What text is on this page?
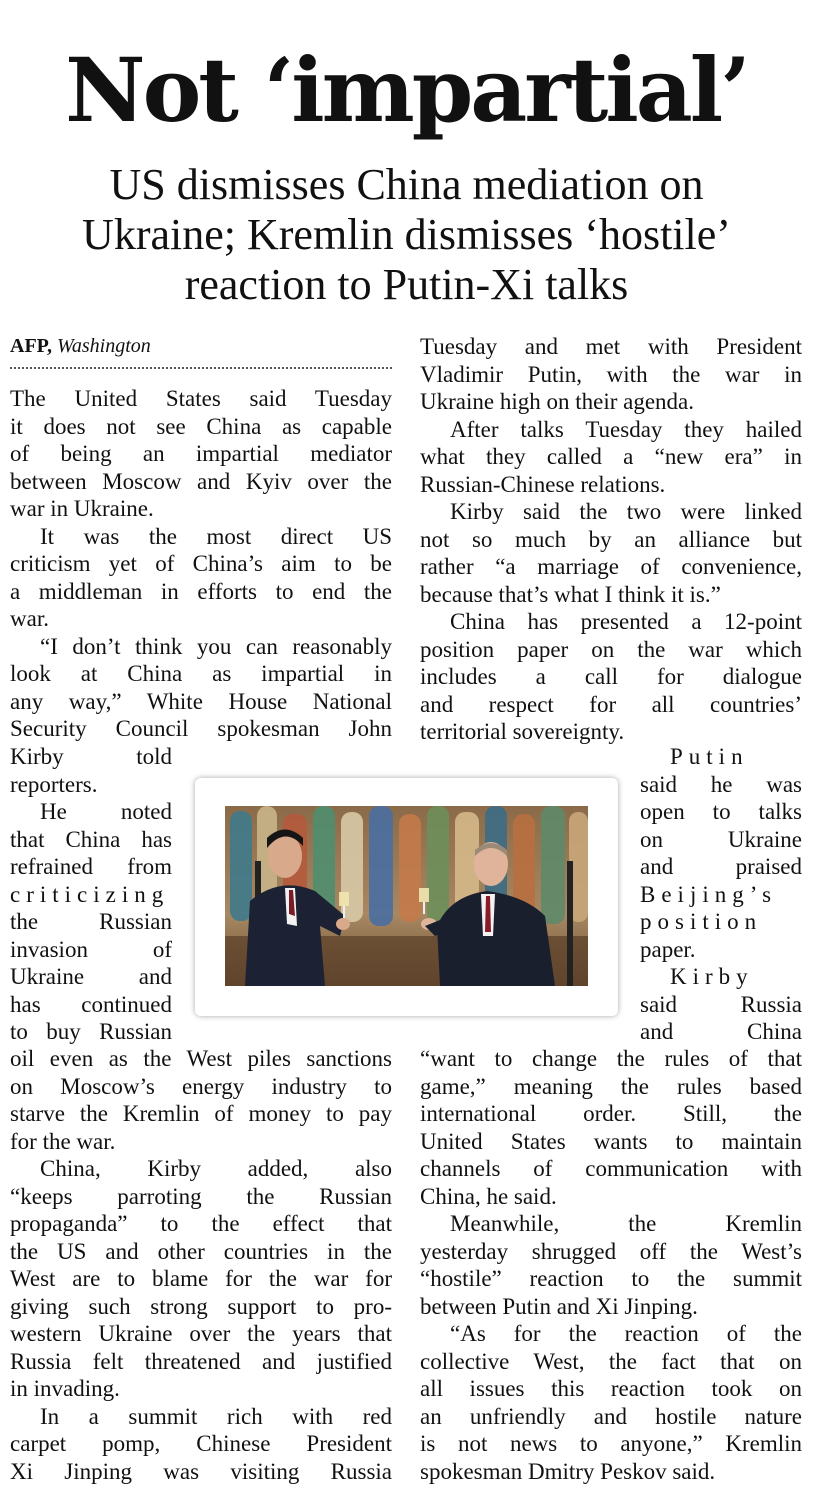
Not ‘impartial’
US dismisses China mediation on
Ukraine; Kremlin dismisses ‘hostile’
reaction to Putin-Xi talks
AFP, Washington
The United States said Tuesday
it does not see China as capable
of being an impartial mediator
between Moscow and Kyiv over the
war in Ukraine.
It was the most direct US
criticism yet of China’s aim to be
a middleman in efforts to end the
war.
“I don’t think you can reasonably
look at China as impartial in
any way,” White House National
Security Council spokesman John
Kirby told
reporters.
He noted
that China has
refrained from
criticizing
the Russian
invasion of
Ukraine and
has continued
to buy Russian
oil even as the West piles sanctions
on Moscow’s energy industry to
starve the Kremlin of money to pay
for the war.
China, Kirby added, also
“keeps parroting the Russian
propaganda” to the effect that
the US and other countries in the
West are to blame for the war for
giving such strong support to pro-
western Ukraine over the years that
Russia felt threatened and justified
in invading.
In a summit rich with red
carpet pomp, Chinese President
Xi Jinping was visiting Russia
Tuesday and met with President
Vladimir Putin, with the war in
Ukraine high on their agenda.
After talks Tuesday they hailed
what they called a “new era” in
Russian-Chinese relations.
Kirby said the two were linked
not so much by an alliance but
rather “a marriage of convenience,
because that’s what I think it is.”
China has presented a 12-point
position paper on the war which
includes a call for dialogue
and respect for all countries’
territorial sovereignty.
Putin
said he was
open to talks
on Ukraine
and praised
Beijing’s
position
paper.
Kirby
said Russia
and China
“want to change the rules of that
game,” meaning the rules based
international order. Still, the
United States wants to maintain
channels of communication with
China, he said.
Meanwhile, the Kremlin
yesterday shrugged off the West’s
“hostile” reaction to the summit
between Putin and Xi Jinping.
“As for the reaction of the
collective West, the fact that on
all issues this reaction took on
an unfriendly and hostile nature
is not news to anyone,” Kremlin
spokesman Dmitry Peskov said.
